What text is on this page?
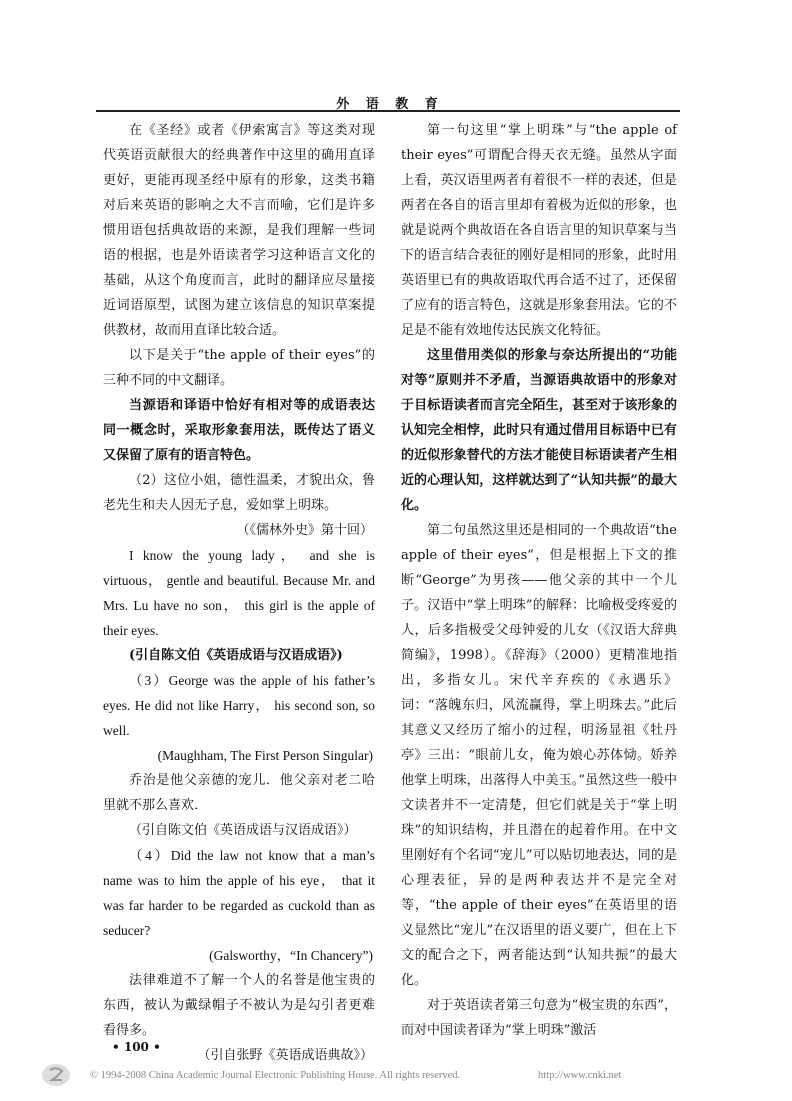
外 语 教 育

在《圣经》或者《伊索寓言》等这类对现代英语贡献很大的经典著作中这里的确用直译更好，更能再现圣经中原有的形象，这类书籍对后来英语的影响之大不言而喻，它们是许多惯用语包括典故语的来源，是我们理解一些词语的根据，也是外语读者学习这种语言文化的基础，从这个角度而言，此时的翻译应尽量接近词语原型，试图为建立该信息的知识草案提供教材，故而用直译比较合适。

以下是关于“the apple of their eyes”的三种不同的中文翻译。

当源语和译语中恰好有相对等的成语表达同一概念时，采取形象套用法，既传达了语义又保留了原有的语言特色。

（2）这位小姐，德性温柔，才貌出众，鲁老先生和夫人因无子息，爱如掌上明珠。

（《儒林外史》第十回）

I know the young lady， and she is virtuous， gentle and beautiful. Because Mr. and Mrs. Lu have no son， this girl is the apple of their eyes.

(引自陈文伯《英语成语与汉语成语》)

（3）George was the apple of his father’s eyes. He did not like Harry， his second son, so well.

(Maughham, The First Person Singular)

乔治是他父亲德的宠儿．他父亲对老二哈里就不那么喜欢．

（引自陈文伯《英语成语与汉语成语》）

（4）Did the law not know that a man’s name was to him the apple of his eye， that it was far harder to be regarded as cuckold than as seducer?

(Galsworthy，“In Chancery”)

法律难道不了解一个人的名誉是他宝贵的东西，被认为戴绿帽子不被认为是勾引者更难看得多。

（引自张野《英语成语典故》）

第一句这里“掌上明珠”与“the apple of their eyes”可谓配合得天衣无缝。虽然从字面上看，英汉语里两者有着很不一样的表述，但是两者在各自的语言里却有着极为近似的形象，也就是说两个典故语在各自语言里的知识草案与当下的语言结合表征的刚好是相同的形象，此时用英语里已有的典故语取代再合适不过了，还保留了应有的语言特色，这就是形象套用法。它的不足是不能有效地传达民族文化特征。

这里借用类似的形象与奈达所提出的“功能对等”原则并不矛盾，当源语典故语中的形象对于目标语读者而言完全陌生，甚至对于该形象的认知完全相悖，此时只有通过借用目标语中已有的近似形象替代的方法才能使目标语读者产生相近的心理认知，这样就达到了“认知共振”的最大化。

第二句虽然这里还是相同的一个典故语“the apple of their eyes”，但是根据上下文的推断“George”为男孩——他父亲的其中一个儿子。汉语中“掌上明珠”的解释：比喻极受疼爱的人，后多指极受父母钟爱的儿女（《汉语大辞典简编》，1998）。《辞海》（2000）更精准地指出，多指女儿。宋代辛弃疾的《永遇乐》词：“落魄东归，风流赢得，掌上明珠去。”此后其意义又经历了缩小的过程，明汤显祖《牡丹亭》三出：“眼前儿女，俺为娘心苏体恸。娇养他掌上明珠，出落得人中美玉。”虽然这些一般中文读者并不一定清楚，但它们就是关于“掌上明珠”的知识结构，并且潜在的起着作用。在中文里刚好有个名词“宠儿”可以贴切地表达，同的是心理表征，异的是两种表达并不是完全对等，“the apple of their eyes”在英语里的语义显然比“宠儿”在汉语里的语义要广，但在上下文的配合之下，两者能达到“认知共振”的最大化。

对于英语读者第三句意为“极宝贵的东西”，而对中国读者译为“掌上明珠”激活

• 100 •
© 1994-2008 China Academic Journal Electronic Publishing House. All rights reserved.	http://www.cnki.net
